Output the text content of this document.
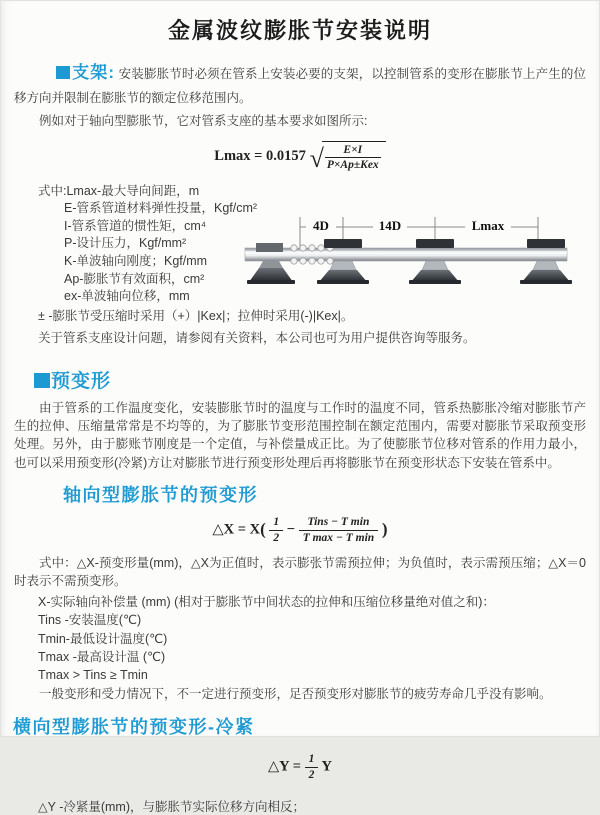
金属波纹膨胀节安装说明
支架: 安装膨胀节时必须在管系上安装必要的支架，以控制管系的变形在膨胀节上产生的位移方向并限制在膨胀节的额定位移范围内。
例如对于轴向型膨胀节，它对管系支座的基本要求如图所示:
Lmax = 0.0157 √ $\frac{E\times I}{\text{P×Ap±Kex}}$
式中:Lmax-最大导向间距，m
E-管系管道材料弹性投量，Kgf/cm²
I-管系管道的惯性矩，cm⁴
P-设计压力，Kgf/mm²
K-单波轴向刚度；Kgf/mm
Ap-膨胀节有效面积，cm²
ex-单波轴向位移，mm
4D	14D	Lmax
± -膨胀节受压缩时采用（+）|Kex|；拉伸时采用(-)|Kex|。
关于管系支座设计问题，请参阅有关资料，本公司也可为用户提供咨询等服务。
预变形
由于管系的工作温度变化，安装膨胀节时的温度与工作时的温度不同，管系热膨胀冷缩对膨胀节产生的拉伸、压缩量常常是不均等的，为了膨胀节变形范围控制在额定范围内，需要对膨胀节采取预变形处理。另外，由于膨账节刚度是一个定值，与补偿量成正比。为了使膨胀节位移对管系的作用力最小，也可以采用预变形(冷紧)方让对膨胀节进行预变形处理后再将膨胀节在预变形状态下安装在管系中。
轴向型膨胀节的预变形
△X = $X( \frac{1}{2} - \frac{\text{Tins − T min}}{\text{T max − T min}}$ )
式中：△X-预变形量(mm)，△X为正值时，表示膨张节需预拉伸；为负值时，表示需预压缩；△X＝0时表示不需预变形。
X-实际轴向补偿量 (mm) (相对于膨胀节中间状态的拉伸和压缩位移量绝对值之和)：
Tins -安装温度(℃)
Tmin-最低设计温度(℃)
Tmax -最高设计温 (℃)
Tmax > Tins ≥ Tmin
一般变形和受力情况下，不一定进行预变形，足否预变形对膨胀节的疲劳寿命几乎没有影响。
横向型膨胀节的预变形-冷紧
△Y = $\frac{1}{2}$ Y
△Y -冷紧量(mm)，与膨胀节实际位移方向相反；
